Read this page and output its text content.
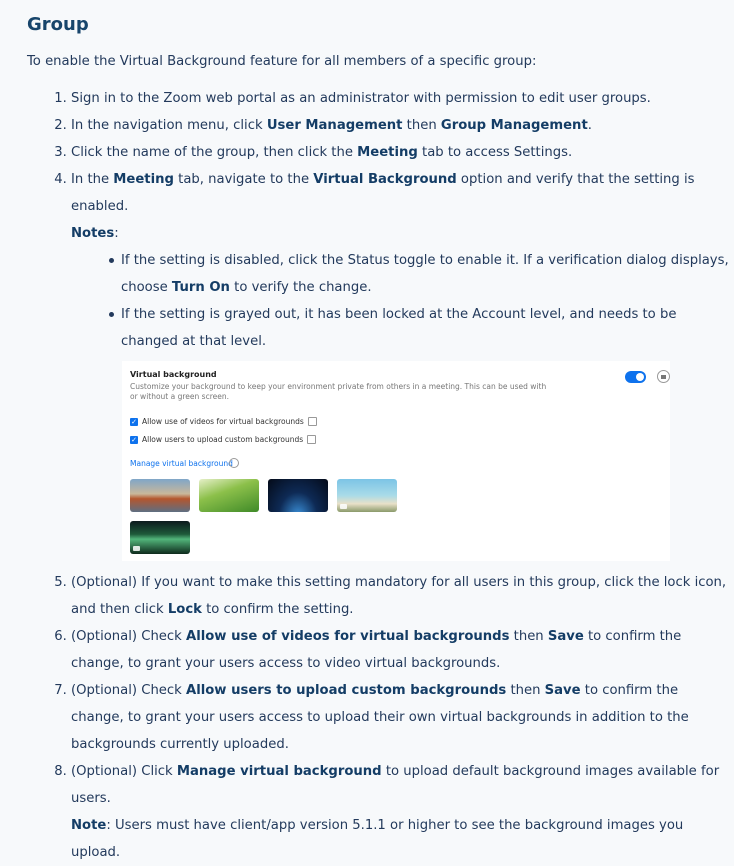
Group
To enable the Virtual Background feature for all members of a specific group:
1. Sign in to the Zoom web portal as an administrator with permission to edit user groups.
2. In the navigation menu, click User Management then Group Management.
3. Click the name of the group, then click the Meeting tab to access Settings.
4. In the Meeting tab, navigate to the Virtual Background option and verify that the setting is enabled.
Notes:
If the setting is disabled, click the Status toggle to enable it. If a verification dialog displays, choose Turn On to verify the change.
If the setting is grayed out, it has been locked at the Account level, and needs to be changed at that level.
Virtual background
Customize your background to keep your environment private from others in a meeting. This can be used with or without a green screen.
✓ Allow use of videos for virtual backgrounds
✓ Allow users to upload custom backgrounds
Manage virtual background
5. (Optional) If you want to make this setting mandatory for all users in this group, click the lock icon, and then click Lock to confirm the setting.
6. (Optional) Check Allow use of videos for virtual backgrounds then Save to confirm the change, to grant your users access to video virtual backgrounds.
7. (Optional) Check Allow users to upload custom backgrounds then Save to confirm the change, to grant your users access to upload their own virtual backgrounds in addition to the backgrounds currently uploaded.
8. (Optional) Click Manage virtual background to upload default background images available for users.
Note: Users must have client/app version 5.1.1 or higher to see the background images you upload.
